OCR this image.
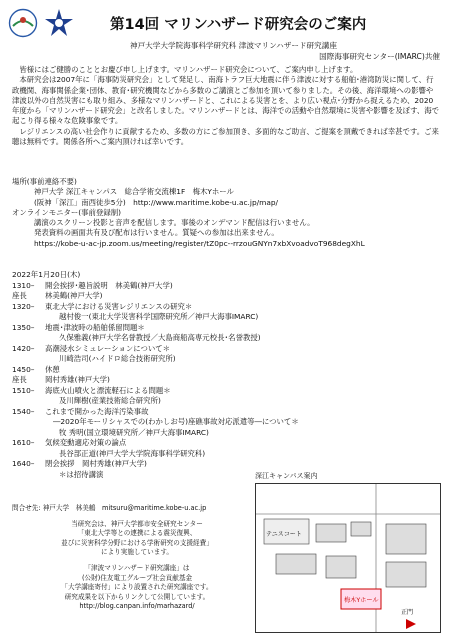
第14回 マリンハザード研究会のご案内
神戸大学大学院海事科学研究科 津波マリンハザード研究講座
国際海事研究センター(IMARC)共催

皆様にはご健勝のこととお慶び申し上げます。マリンハザード研究会について、ご案内申し上げます。

本研究会は2007年に「海事防災研究会」として発足し、南海トラフ巨大地震に伴う津波に対する船舶･港湾防災に関して、行政機関、海事関係企業･団体、教育･研究機関などから多数のご講演とご参加を頂いて参りました。その後、海洋環境への影響や津波以外の自然災害にも取り組み、多様なマリンハザードと、これによる災害とを、より広い視点･分野から捉えるため、2020年度から「マリンハザード研究会」と改名しました。マリンハザードとは、海洋での活動や自然環境に災害や影響を及ぼす、海で起こり得る様々な危険事象です。

レジリエンスの高い社会作りに貢献するため、多数の方にご参加頂き、多面的なご助言、ご提案を頂戴できれば幸甚です。ご来聴は無料です。関係各所へご案内頂ければ幸いです。

場所(事前連絡不要)
神戸大学 深江キャンパス　総合学術交流棟1F　梅木Yホール
(阪神「深江」南西徒歩5分)　http://www.maritime.kobe-u.ac.jp/map/
オンラインモニター(事前登録制)
講演のスクリーン投影と音声を配信します。事後のオンデマンド配信は行いません。
発表資料の画面共有及び配布は行いません。質疑への参加は出来ません。
https://kobe-u-ac-jp.zoom.us/meeting/register/tZ0pc--rrzouGNYn7xbXvoadvoT968degXhL
2022年1月20日(木)
1310–	開会挨拶･趣旨説明　林美鶴(神戸大学)
座長	林美鶴(神戸大学)
1320–	東北大学における災害レジリエンスの研究＊
越村俊一(東北大学災害科学国際研究所／神戸大海事IMARC)
1350–	地震･津波時の船舶係留問題＊
久保雅義(神戸大学名誉教授／大島商船高専元校長･名誉教授)
1420–	高潮浸水シミュレーションについて＊
川崎浩司(ハイドロ総合技術研究所)
1450–	休憩
座長	岡村秀雄(神戸大学)
1510–	海底火山噴火と漂流軽石による問題＊
及川輝樹(産業技術総合研究所)
1540–	これまで開かった海洋汚染事故
―2020年モーリシャスでの(わかしお号)座礁事故対応派遣等―について＊
牧 秀明(国立環境研究所／神戸大海事IMARC)
1610–	気候変動適応対策の論点
長谷部正道(神戸大学大学院海事科学研究科)
1640–	閉会挨拶　岡村秀雄(神戸大学)
＊は招待講演
問合せ先: 神戸大学　林美鶴　mitsuru@maritime.kobe-u.ac.jp
当研究会は、神戸大学都市安全研究センター
「東北大学等との連携による震災復興、
並びに災害科学分野における学術研究の支援経費」
により実施しています。
「津波マリンハザード研究講座」は
(公財)住友電工グループ社会貢献基金
「大学講座寄付」により設置された研究講座です。
研究成果を以下からリンクして公開しています。
http://blog.canpan.info/marhazard/
深江キャンパス案内
テニスコート
梅木Yホール
正門
